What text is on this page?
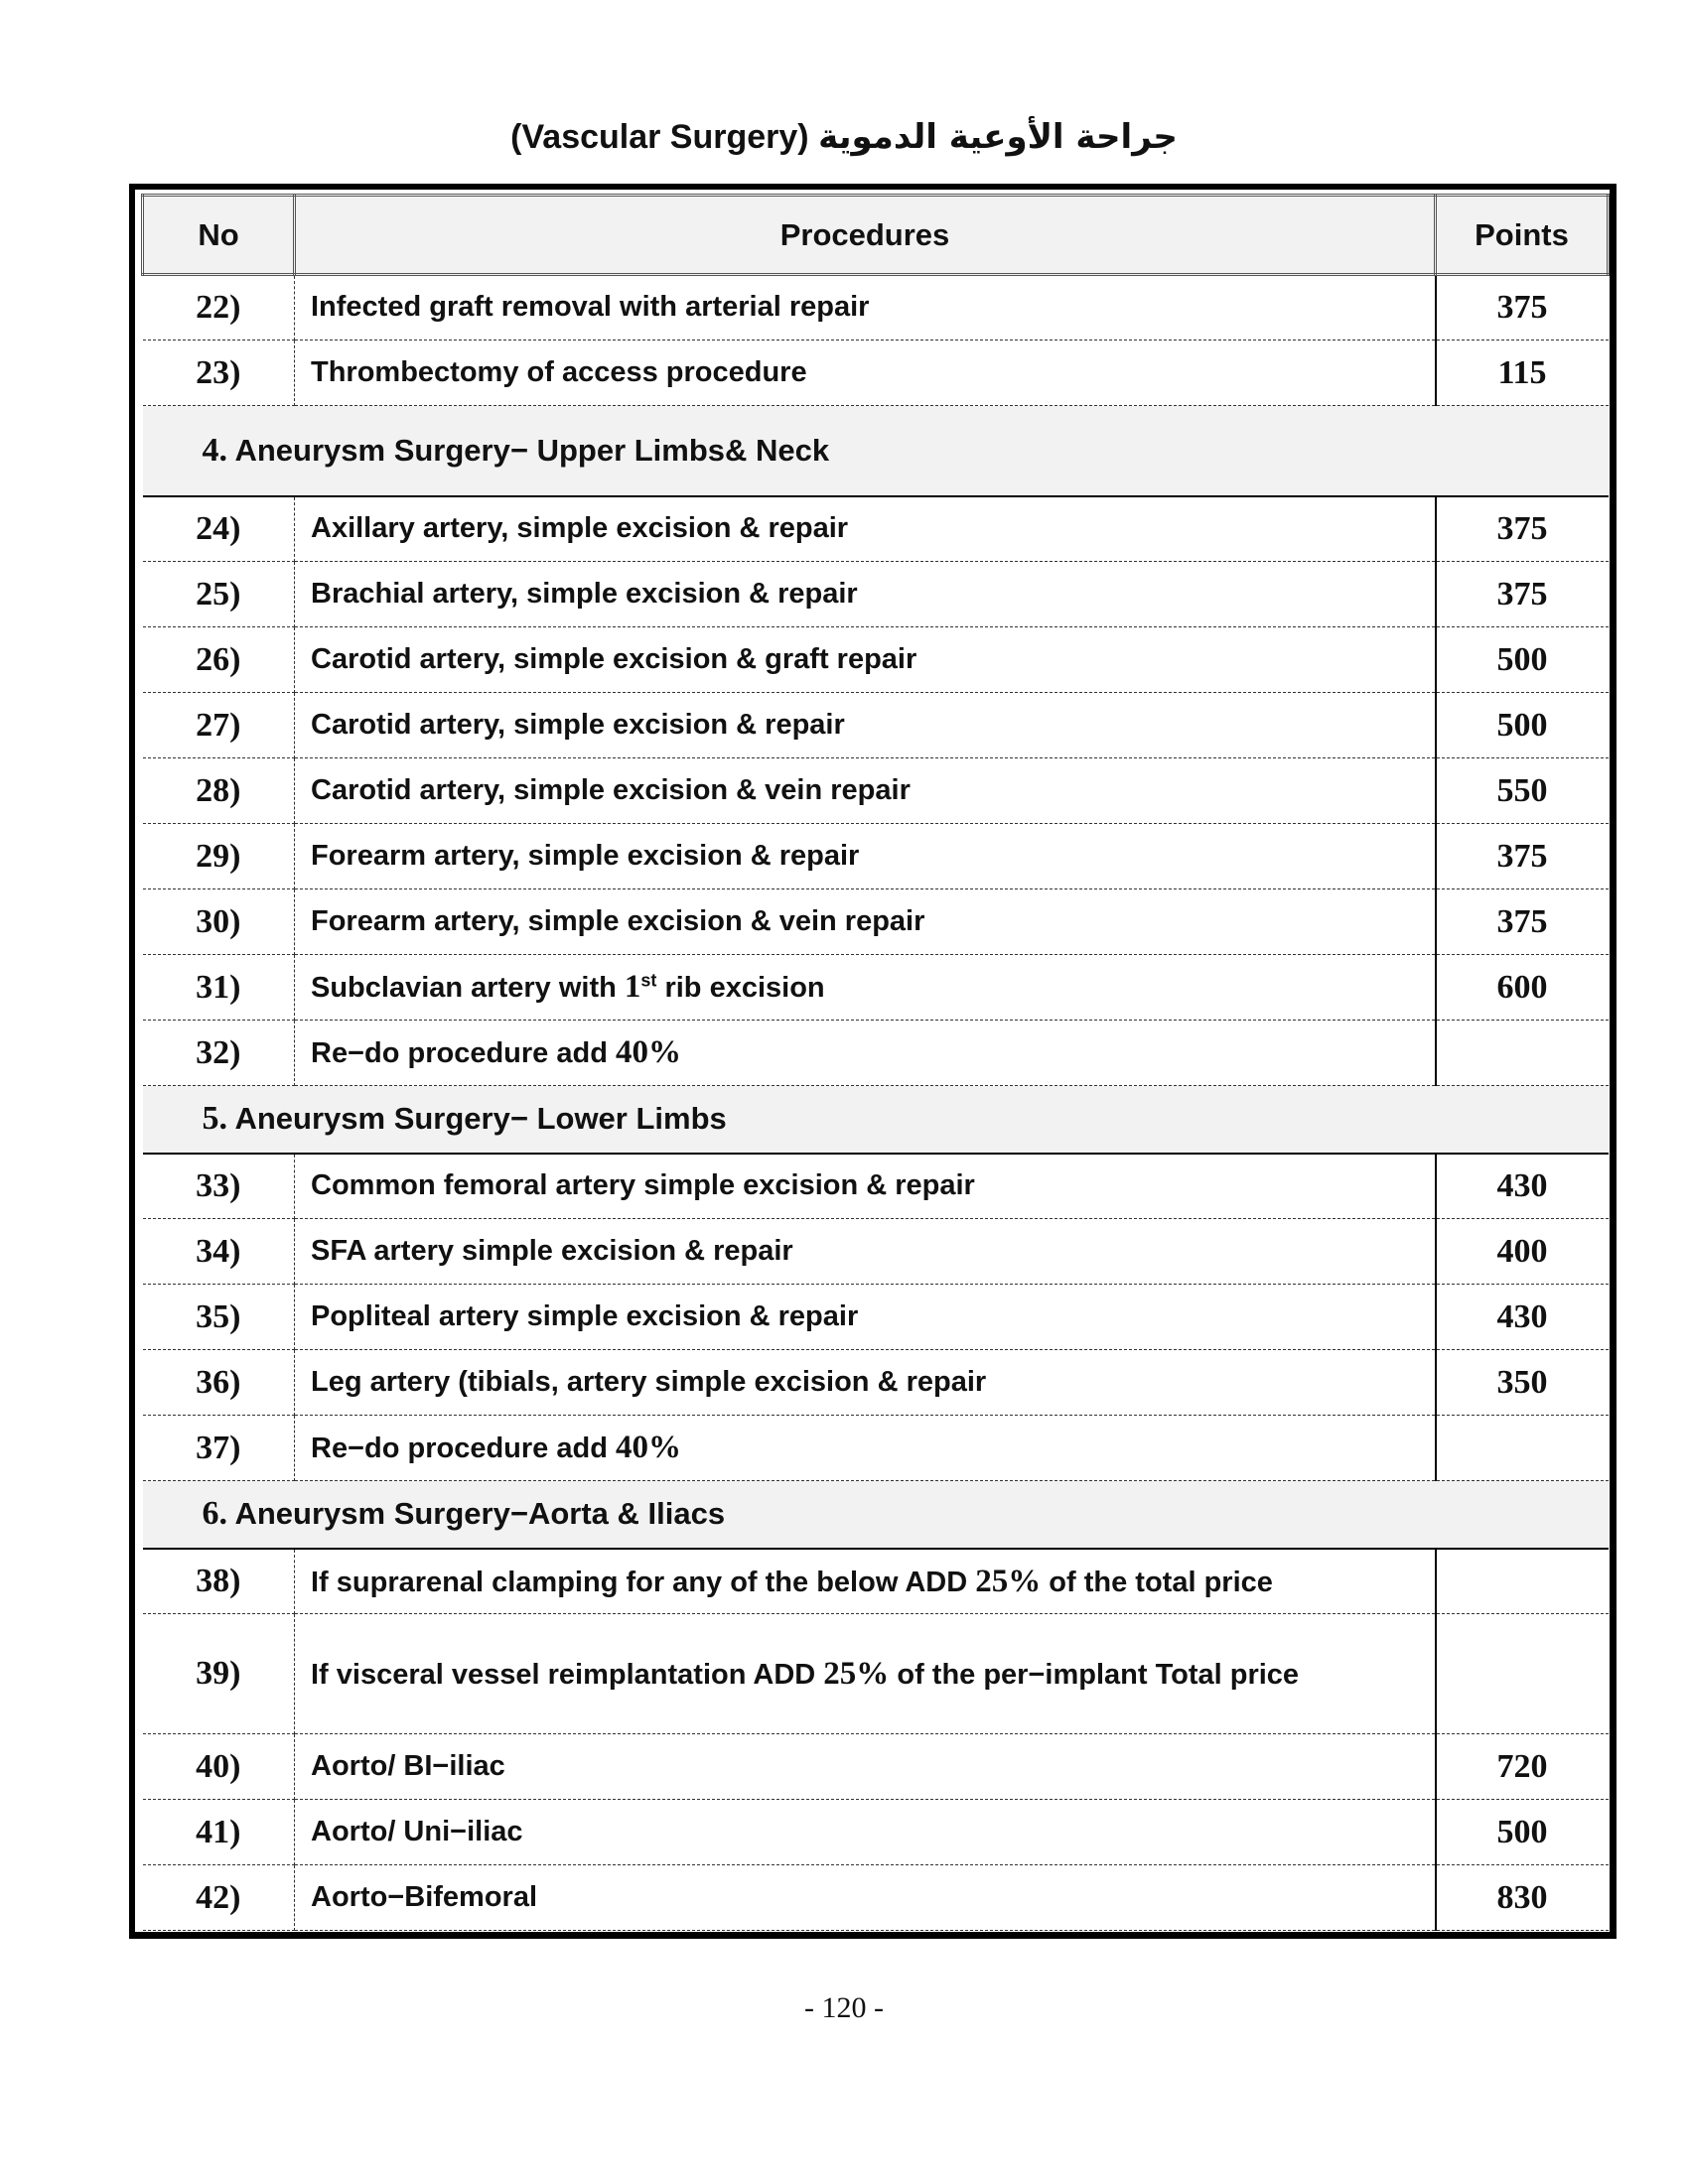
(Vascular Surgery) جراحة الأوعية الدموية
No	Procedures	Points
22)	Infected graft removal with arterial repair	375
23)	Thrombectomy of access procedure	115
4. Aneurysm Surgery− Upper Limbs& Neck		
24)	Axillary artery, simple excision & repair	375
25)	Brachial artery, simple excision & repair	375
26)	Carotid artery, simple excision & graft repair	500
27)	Carotid artery, simple excision & repair	500
28)	Carotid artery, simple excision & vein repair	550
29)	Forearm artery, simple excision & repair	375
30)	Forearm artery, simple excision & vein repair	375
31)	Subclavian artery with 1st rib excision	600
32)	Re−do procedure add 40%	
5. Aneurysm Surgery− Lower Limbs		
33)	Common femoral artery simple excision & repair	430
34)	SFA artery simple excision & repair	400
35)	Popliteal artery simple excision & repair	430
36)	Leg artery (tibials, artery simple excision & repair	350
37)	Re−do procedure add 40%	
6. Aneurysm Surgery−Aorta & Iliacs		
38)	If suprarenal clamping for any of the below ADD 25% of the total price	
39)	If visceral vessel reimplantation ADD 25% of the per−implant Total price	
40)	Aorto/ BI−iliac	720
41)	Aorto/ Uni−iliac	500
42)	Aorto−Bifemoral	830
- 120 -
